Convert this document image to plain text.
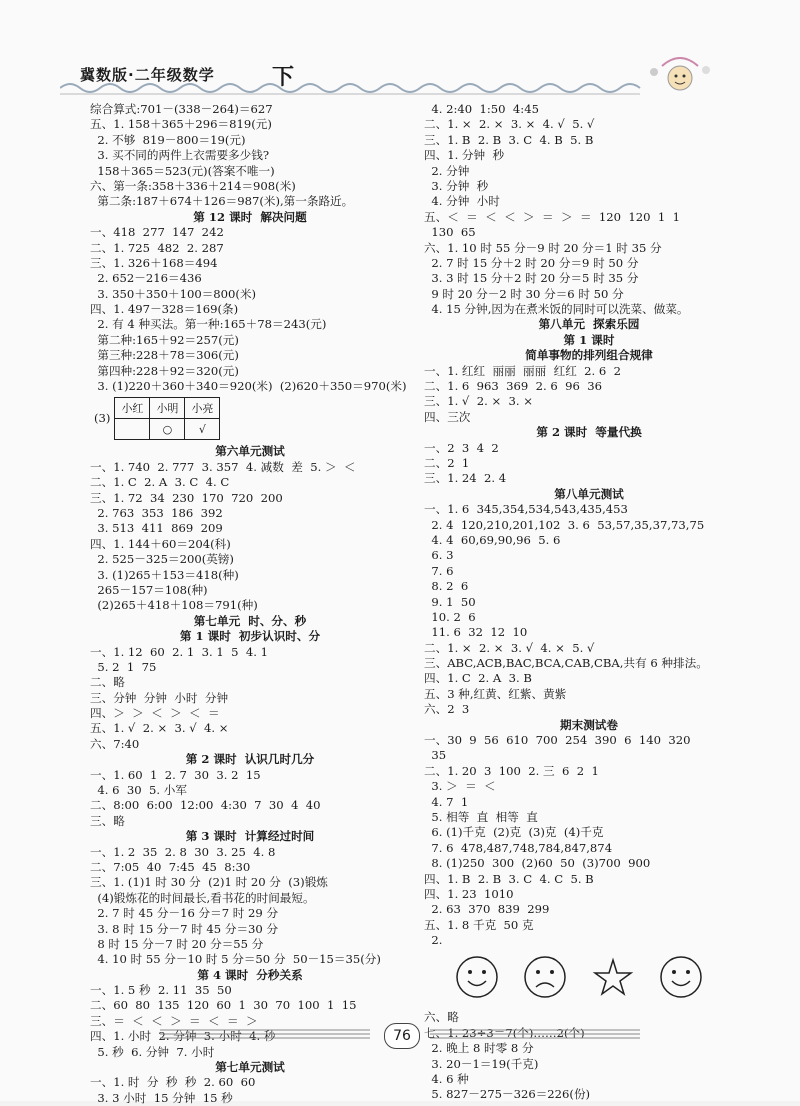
冀数版·二年级数学	下
综合算式:701－(338－264)＝627
五、1. 158＋365＋296＝819(元)
2. 不够  819－800＝19(元)
3. 买不同的两件上衣需要多少钱?
158＋365＝523(元)(答案不唯一)
六、第一条:358＋336＋214＝908(米)
第二条:187＋674＋126＝987(米),第一条路近。
第 12 课时  解决问题
一、418  277  147  242
二、1. 725  482  2. 287
三、1. 326＋168＝494
2. 652－216＝436
3. 350＋350＋100＝800(米)
四、1. 497－328＝169(条)
2. 有 4 种买法。第一种:165＋78＝243(元)
第二种:165＋92＝257(元)
第三种:228＋78＝306(元)
第四种:228＋92＝320(元)
3. (1)220＋360＋340＝920(米)  (2)620＋350＝970(米)
(3)
小红	小明	小亮
	○	√
第六单元测试
一、1. 740  2. 777  3. 357  4. 减数  差  5. ＞  ＜
二、1. C  2. A  3. C  4. C
三、1. 72  34  230  170  720  200
2. 763  353  186  392
3. 513  411  869  209
四、1. 144＋60＝204(科)
2. 525－325＝200(英镑)
3. (1)265＋153＝418(种)
265－157＝108(种)
(2)265＋418＋108＝791(种)
第七单元  时、分、秒
第 1 课时  初步认识时、分
一、1. 12  60  2. 1  3. 1  5  4. 1
5. 2  1  75
二、略
三、分钟  分钟  小时  分钟
四、＞  ＞  ＜  ＞  ＜  ＝
五、1. √  2. ×  3. √  4. ×
六、7:40
第 2 课时  认识几时几分
一、1. 60  1  2. 7  30  3. 2  15
4. 6  30  5. 小军
二、8:00  6:00  12:00  4:30  7  30  4  40
三、略
第 3 课时  计算经过时间
一、1. 2  35  2. 8  30  3. 25  4. 8
二、7:05  40  7:45  45  8:30
三、1. (1)1 时 30 分  (2)1 时 20 分  (3)锻炼
(4)锻炼花的时间最长,看书花的时间最短。
2. 7 时 45 分－16 分＝7 时 29 分
3. 8 时 15 分－7 时 45 分＝30 分
8 时 15 分－7 时 20 分＝55 分
4. 10 时 55 分－10 时 5 分＝50 分  50－15＝35(分)
第 4 课时  分秒关系
一、1. 5 秒  2. 11  35  50
二、60  80  135  120  60  1  30  70  100  1  15
三、＝  ＜  ＜  ＞  ＝  ＜  ＝  ＞
四、1. 小时  2. 分钟  3. 小时  4. 秒
5. 秒  6. 分钟  7. 小时
第七单元测试
一、1. 时  分  秒  秒  2. 60  60
3. 3 小时  15 分钟  15 秒
4. 2:40  1:50  4:45
二、1. ×  2. ×  3. ×  4. √  5. √
三、1. B  2. B  3. C  4. B  5. B
四、1. 分钟  秒
2. 分钟
3. 分钟  秒
4. 分钟  小时
五、＜  ＝  ＜  ＜  ＞  ＝  ＞  ＝  120  120  1  1
130  65
六、1. 10 时 55 分－9 时 20 分＝1 时 35 分
2. 7 时 15 分＋2 时 20 分＝9 时 50 分
3. 3 时 15 分＋2 时 20 分＝5 时 35 分
9 时 20 分－2 时 30 分＝6 时 50 分
4. 15 分钟,因为在煮米饭的同时可以洗菜、做菜。
第八单元  探索乐园
第 1 课时
简单事物的排列组合规律
一、1. 红红  丽丽  丽丽  红红  2. 6  2
二、1. 6  963  369  2. 6  96  36
三、1. √  2. ×  3. ×
四、三次
第 2 课时  等量代换
一、2  3  4  2
二、2  1
三、1. 24  2. 4
第八单元测试
一、1. 6  345,354,534,543,435,453
2. 4  120,210,201,102  3. 6  53,57,35,37,73,75
4. 4  60,69,90,96  5. 6
6. 3
7. 6
8. 2  6
9. 1  50
10. 2  6
11. 6  32  12  10
二、1. ×  2. ×  3. √  4. ×  5. √
三、ABC,ACB,BAC,BCA,CAB,CBA,共有 6 种排法。
四、1. C  2. A  3. B
五、3 种,红黄、红紫、黄紫
六、2  3
期末测试卷
一、30  9  56  610  700  254  390  6  140  320
35
二、1. 20  3  100  2. 三  6  2  1
3. ＞  ＝  ＜
4. 7  1
5. 相等  直  相等  直
6. (1)千克  (2)克  (3)克  (4)千克
7. 6  478,487,748,784,847,874
8. (1)250  300  (2)60  50  (3)700  900
四、1. B  2. B  3. C  4. C  5. B
四、1. 23  1010
2. 63  370  839  299
五、1. 8 千克  50 克
2.
六、略
七、1. 23÷3＝7(个)……2(个)
2. 晚上 8 时零 8 分
3. 20－1＝19(千克)
4. 6 种
5. 827－275－326＝226(份)
76
